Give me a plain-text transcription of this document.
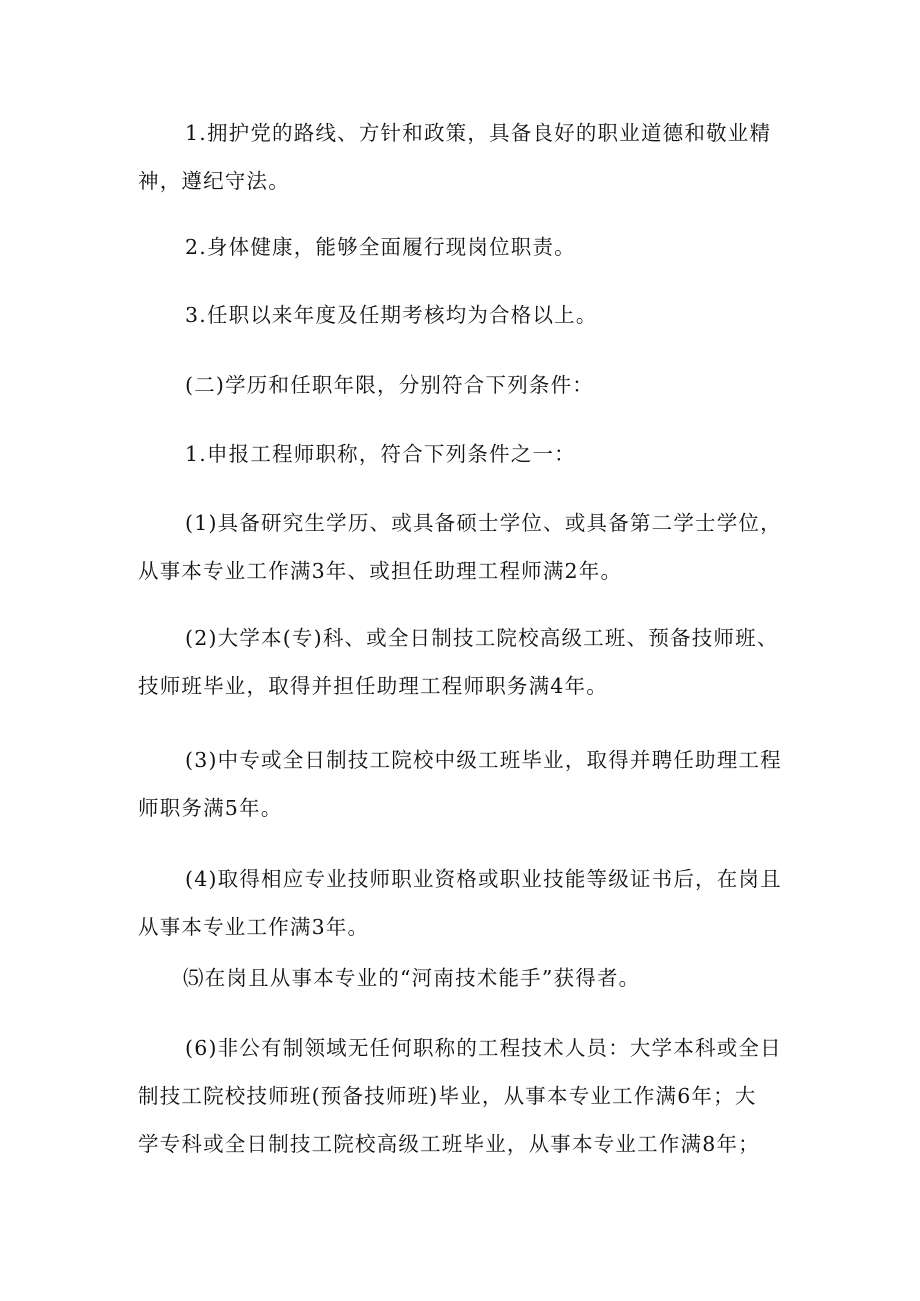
1.拥护党的路线、方针和政策，具备良好的职业道德和敬业精
神，遵纪守法。

2.身体健康，能够全面履行现岗位职责。

3.任职以来年度及任期考核均为合格以上。

(二)学历和任职年限，分别符合下列条件：

1.申报工程师职称，符合下列条件之一：

(1)具备研究生学历、或具备硕士学位、或具备第二学士学位，
从事本专业工作满3年、或担任助理工程师满2年。

(2)大学本(专)科、或全日制技工院校高级工班、预备技师班、
技师班毕业，取得并担任助理工程师职务满4年。

(3)中专或全日制技工院校中级工班毕业，取得并聘任助理工程
师职务满5年。

(4)取得相应专业技师职业资格或职业技能等级证书后，在岗且
从事本专业工作满3年。

⑸在岗且从事本专业的“河南技术能手”获得者。

(6)非公有制领域无任何职称的工程技术人员：大学本科或全日
制技工院校技师班(预备技师班)毕业，从事本专业工作满6年；大
学专科或全日制技工院校高级工班毕业，从事本专业工作满8年；
